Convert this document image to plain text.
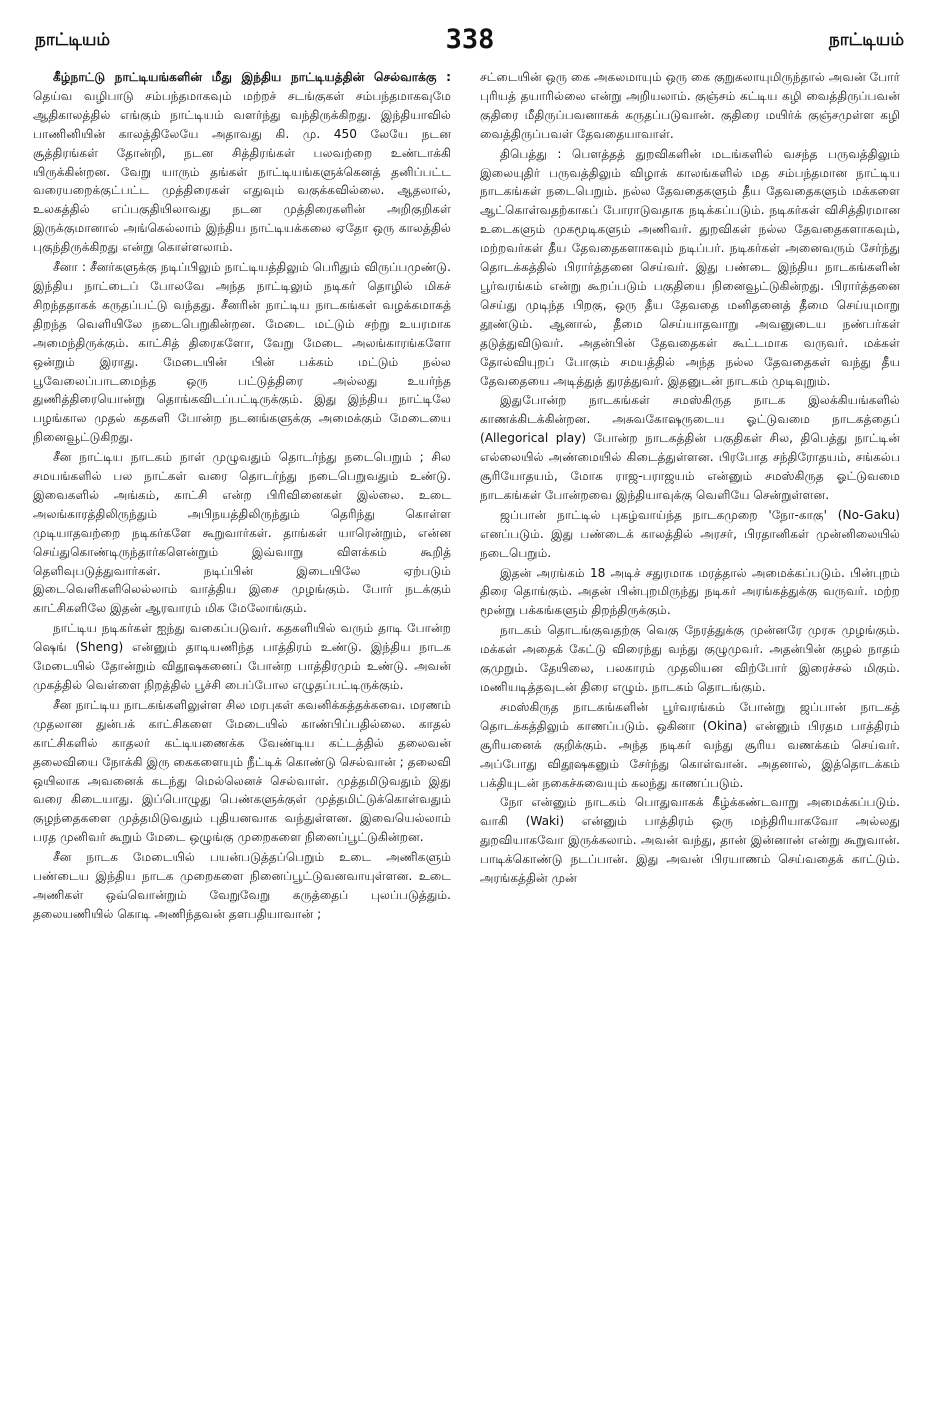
நாட்டியம்	338	நாட்டியம்

கீழ்நாட்டு நாட்டியங்களின் மீது இந்திய நாட்டியத்தின் செல்வாக்கு : தெய்வ வழிபாடு சம்பந்தமாகவும் மற்றச் சடங்குகள் சம்பந்தமாகவுமே ஆதிகாலத்தில் எங்கும் நாட்டியம் வளர்ந்து வந்திருக்கிறது. இந்தியாவில் பாணினியின் காலத்திலேயே அதாவது கி. மு. 450 லேயே நடன சூத்திரங்கள் தோன்றி, நடன சித்திரங்கள் பலவற்றை உண்டாக்கி யிருக்கின்றன. வேறு யாரும் தங்கள் நாட்டியங்களுக்கெனத் தனிப்பட்ட வரையறைக்குட்பட்ட முத்திரைகள் எதுவும் வகுக்கவில்லை. ஆதலால், உலகத்தில் எப்பகுதியிலாவது நடன முத்திரைகளின் அறிகுறிகள் இருக்குமானால் அங்கெல்லாம் இந்திய நாட்டியக்கலை ஏதோ ஒரு காலத்தில் புகுந்திருக்கிறது என்று கொள்ளலாம்.

சீனா : சீனர்களுக்கு நடிப்பிலும் நாட்டியத்திலும் பெரிதும் விருப்பமுண்டு. இந்திய நாட்டைப் போலவே அந்த நாட்டிலும் நடிகர் தொழில் மிகச் சிறந்ததாகக் கருதப்பட்டு வந்தது. சீனரின் நாட்டிய நாடகங்கள் வழக்கமாகத் திறந்த வெளியிலே நடைபெறுகின்றன. மேடை மட்டும் சற்று உயரமாக அமைந்திருக்கும். காட்சித் திரைகளோ, வேறு மேடை அலங்காரங்களோ ஒன்றும் இராது. மேடையின் பின் பக்கம் மட்டும் நல்ல பூவேலைப்பாடமைந்த ஒரு பட்டுத்திரை அல்லது உயர்ந்த துணித்திரையொன்று தொங்கவிடப்பட்டிருக்கும். இது இந்திய நாட்டிலே பழங்கால முதல் கதகளி போன்ற நடனங்களுக்கு அமைக்கும் மேடையை நினைவூட்டுகிறது.

சீன நாட்டிய நாடகம் நாள் முழுவதும் தொடர்ந்து நடைபெறும் ; சில சமயங்களில் பல நாட்கள் வரை தொடர்ந்து நடைபெறுவதும் உண்டு. இவைகளில் அங்கம், காட்சி என்ற பிரிவினைகள் இல்லை. உடை அலங்காரத்திலிருந்தும் அபிநயத்திலிருந்தும் தெரிந்து கொள்ள முடியாதவற்றை நடிகர்களே கூறுவார்கள். தாங்கள் யாரென்றும், என்ன செய்துகொண்டிருந்தார்களென்றும் இவ்வாறு விளக்கம் கூறித் தெளிவுபடுத்துவார்கள். நடிப்பின் இடையிலே ஏற்படும் இடைவெளிகளிலெல்லாம் வாத்திய இசை முழங்கும். போர் நடக்கும் காட்சிகளிலே இதன் ஆரவாரம் மிக மேலோங்கும்.

நாட்டிய நடிகர்கள் ஐந்து வகைப்படுவர். கதகளியில் வரும் தாடி போன்ற ஷெங் (Sheng) என்னும் தாடியணிந்த பாத்திரம் உண்டு. இந்திய நாடக மேடையில் தோன்றும் விதூஷகனைப் போன்ற பாத்திரமும் உண்டு. அவன் முகத்தில் வெள்ளை நிறத்தில் பூச்சி பைப்போல எழுதப்பட்டிருக்கும்.

சீன நாட்டிய நாடகங்களிலுள்ள சில மரபுகள் கவனிக்கத்தக்கவை. மரணம் முதலான துன்பக் காட்சிகளை மேடையில் காண்பிப்பதில்லை. காதல் காட்சிகளில் காதலர் கட்டியணைக்க வேண்டிய கட்டத்தில் தலைவன் தலைவியை நோக்கி இரு கைகளையும் நீட்டிக் கொண்டு செல்வான் ; தலைவி ஒயிலாக அவனைக் கடந்து மெல்லெனச் செல்வாள். முத்தமிடுவதும் இது வரை கிடையாது. இப்பொழுது பெண்களுக்குள் முத்தமிட்டுக்கொள்வதும் குழந்தைகளை முத்தமிடுவதும் புதியனவாக வந்துள்ளன. இவையெல்லாம் பரத முனிவர் கூறும் மேடை ஒழுங்கு முறைகளை நினைப்பூட்டுகின்றன.

சீன நாடக மேடையில் பயன்படுத்தப்பெறும் உடை அணிகளும் பண்டைய இந்திய நாடக முறைகளை நினைப்பூட்டுவனவாயுள்ளன. உடை அணிகள் ஒவ்வொன்றும் வேறுவேறு கருத்தைப் புலப்படுத்தும். தலையணியில் கொடி அணிந்தவன் தளபதியாவான் ;

சட்டையின் ஒரு கை அகலமாயும் ஒரு கை குறுகலாயுமிருந்தால் அவன் போர் புரியத் தயாரில்லை என்று அறியலாம். குஞ்சம் கட்டிய கழி வைத்திருப்பவன் குதிரை மீதிருப்பவனாகக் கருதப்படுவான். குதிரை மயிர்க் குஞ்சமுள்ள கழி வைத்திருப்பவள் தேவதையாவாள்.

திபெத்து : பௌத்தத் துறவிகளின் மடங்களில் வசந்த பருவத்திலும் இலையுதிர் பருவத்திலும் விழாக் காலங்களில் மத சம்பந்தமான நாட்டிய நாடகங்கள் நடைபெறும். நல்ல தேவதைகளும் தீய தேவதைகளும் மக்களை ஆட்கொள்வதற்காகப் போராடுவதாக நடிக்கப்படும். நடிகர்கள் விசித்திரமான உடைகளும் முகமூடிகளும் அணிவர். துறவிகள் நல்ல தேவதைகளாகவும், மற்றவர்கள் தீய தேவதைகளாகவும் நடிப்பர். நடிகர்கள் அனைவரும் சேர்ந்து தொடக்கத்தில் பிரார்த்தனை செய்வர். இது பண்டை இந்திய நாடகங்களின் பூர்வரங்கம் என்று கூறப்படும் பகுதியை நினைவூட்டுகின்றது. பிரார்த்தனை செய்து முடிந்த பிறகு, ஒரு தீய தேவதை மனிதனைத் தீமை செய்யுமாறு தூண்டும். ஆனால், தீமை செய்யாதவாறு அவனுடைய நண்பர்கள் தடுத்துவிடுவர். அதன்பின் தேவதைகள் கூட்டமாக வருவர். மக்கள் தோல்வியுறப் போகும் சமயத்தில் அந்த நல்ல தேவதைகள் வந்து தீய தேவதையை அடித்துத் துரத்துவர். இதனுடன் நாடகம் முடிவுறும்.

இதுபோன்ற நாடகங்கள் சமஸ்கிருத நாடக இலக்கியங்களில் காணக்கிடக்கின்றன. அசுவகோஷருடைய ஓட்டுவமை நாடகத்தைப் (Allegorical play) போன்ற நாடகத்தின் பகுதிகள் சில, திபெத்து நாட்டின் எல்லையில் அண்மையில் கிடைத்துள்ளன. பிரபோத சந்திரோதயம், சங்கல்ப சூரியோதயம், மோக ராஜ-பராஜயம் என்னும் சமஸ்கிருத ஓட்டுவமை நாடகங்கள் போன்றவை இந்தியாவுக்கு வெளியே சென்றுள்ளன.

ஜப்பான் நாட்டில் புகழ்வாய்ந்த நாடகமுறை 'நோ-காகு' (No-Gaku) எனப்படும். இது பண்டைக் காலத்தில் அரசர், பிரதானிகள் முன்னிலையில் நடைபெறும்.

இதன் அரங்கம் 18 அடிச் சதுரமாக மரத்தால் அமைக்கப்படும். பின்புறம் திரை தொங்கும். அதன் பின்புறமிருந்து நடிகர் அரங்கத்துக்கு வருவர். மற்ற மூன்று பக்கங்களும் திறந்திருக்கும்.

நாடகம் தொடங்குவதற்கு வெகு நேரத்துக்கு முன்னரே முரசு முழங்கும். மக்கள் அதைக் கேட்டு விரைந்து வந்து குழுமுவர். அதன்பின் குழல் நாதம் குமுறும். தேயிலை, பலகாரம் முதலியன விற்போர் இரைச்சல் மிகும். மணியடித்தவுடன் திரை எழும். நாடகம் தொடங்கும்.

சமஸ்கிருத நாடகங்களின் பூர்வரங்கம் போன்று ஜப்பான் நாடகத் தொடக்கத்திலும் காணப்படும். ஒகினா (Okina) என்னும் பிரதம பாத்திரம் சூரியனைக் குறிக்கும். அந்த நடிகர் வந்து சூரிய வணக்கம் செய்வர். அப்போது விதூஷகனும் சேர்ந்து கொள்வான். அதனால், இத்தொடக்கம் பக்தியுடன் நகைச்சுவையும் கலந்து காணப்படும்.

நோ என்னும் நாடகம் பொதுவாகக் கீழ்க்கண்டவாறு அமைக்கப்படும். வாகி (Waki) என்னும் பாத்திரம் ஒரு மந்திரியாகவோ அல்லது துறவியாகவோ இருக்கலாம். அவன் வந்து, தான் இன்னான் என்று கூறுவான். பாடிக்கொண்டு நடப்பான். இது அவன் பிரயாணம் செய்வதைக் காட்டும். அரங்கத்தின் முன்
